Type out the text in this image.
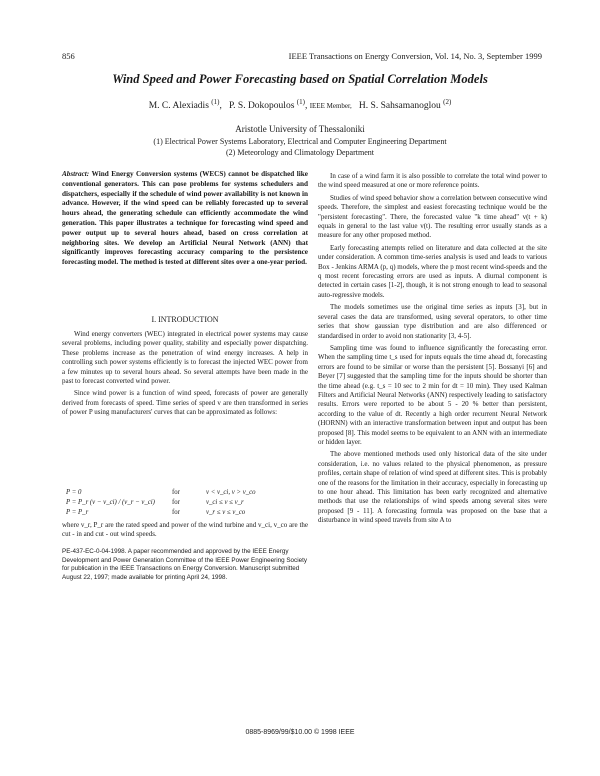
856	IEEE Transactions on Energy Conversion, Vol. 14, No. 3, September 1999
Wind Speed and Power Forecasting based on Spatial Correlation Models
M. C. Alexiadis $^{(1)}$,   P. S. Dokopoulos $^{(1)}$, IEEE Member, H. S. Sahsamanoglou $^{(2)}$
Aristotle University of Thessaloniki
(1) Electrical Power Systems Laboratory, Electrical and Computer Engineering Department
(2) Meteorology and Climatology Department

Abstract: Wind Energy Conversion systems (WECS) cannot be dispatched like conventional generators. This can pose problems for systems schedulers and dispatchers, especially if the schedule of wind power availability is not known in advance. However, if the wind speed can be reliably forecasted up to several hours ahead, the generating schedule can efficiently accommodate the wind generation. This paper illustrates a technique for forecasting wind speed and power output up to several hours ahead, based on cross correlation at neighboring sites. We develop an Artificial Neural Network (ANN) that significantly improves forecasting accuracy comparing to the persistence forecasting model. The method is tested at different sites over a one-year period.

I. INTRODUCTION

Wind energy converters (WEC) integrated in electrical power systems may cause several problems, including power quality, stability and especially power dispatching. These problems increase as the penetration of wind energy increases. A help in controlling such power systems efficiently is to forecast the injected WEC power from a few minutes up to several hours ahead. So several attempts have been made in the past to forecast converted wind power.

Since wind power is a function of wind speed, forecasts of power are generally derived from forecasts of speed. Time series of speed v are then transformed in series of power P using manufacturers' curves that can be approximated as follows:

P = 0	for	v < v_ci, v > v_co
P = P_r (v − v_ci) / (v_r − v_ci)	for	v_ci ≤ v ≤ v_r
P = P_r	for	v_r ≤ v ≤ v_co

where v_r, P_r are the rated speed and power of the wind turbine and v_ci, v_co are the cut - in and cut - out wind speeds.

PE-437-EC-0-04-1998. A paper recommended and approved by the IEEE Energy Development and Power Generation Committee of the IEEE Power Engineering Society for publication in the IEEE Transactions on Energy Conversion. Manuscript submitted August 22, 1997; made available for printing April 24, 1998.

In case of a wind farm it is also possible to correlate the total wind power to the wind speed measured at one or more reference points.

Studies of wind speed behavior show a correlation between consecutive wind speeds. Therefore, the simplest and easiest forecasting technique would be the "persistent forecasting". There, the forecasted value "k time ahead" v(t + k) equals in general to the last value v(t). The resulting error usually stands as a measure for any other proposed method.

Early forecasting attempts relied on literature and data collected at the site under consideration. A common time-series analysis is used and leads to various Box - Jenkins ARMA (p, q) models, where the p most recent wind-speeds and the q most recent forecasting errors are used as inputs. A diurnal component is detected in certain cases [1-2], though, it is not strong enough to lead to seasonal auto-regressive models.

The models sometimes use the original time series as inputs [3], but in several cases the data are transformed, using several operators, to other time series that show gaussian type distribution and are also differenced or standardised in order to avoid non stationarity [3, 4-5].

Sampling time was found to influence significantly the forecasting error. When the sampling time t_s used for inputs equals the time ahead dt, forecasting errors are found to be similar or worse than the persistent [5]. Bossanyi [6] and Beyer [7] suggested that the sampling time for the inputs should be shorter than the time ahead (e.g. t_s = 10 sec to 2 min for dt = 10 min). They used Kalman Filters and Artificial Neural Networks (ANN) respectively leading to satisfactory results. Errors were reported to be about 5 - 20 % better than persistent, according to the value of dt. Recently a high order recurrent Neural Network (HORNN) with an interactive transformation between input and output has been proposed [8]. This model seems to be equivalent to an ANN with an intermediate or hidden layer.

The above mentioned methods used only historical data of the site under consideration, i.e. no values related to the physical phenomenon, as pressure profiles, certain shape of relation of wind speed at different sites. This is probably one of the reasons for the limitation in their accuracy, especially in forecasting up to one hour ahead. This limitation has been early recognized and alternative methods that use the relationships of wind speeds among several sites were proposed [9 - 11]. A forecasting formula was proposed on the base that a disturbance in wind speed travels from site A to

0885-8969/99/$10.00 © 1998 IEEE
